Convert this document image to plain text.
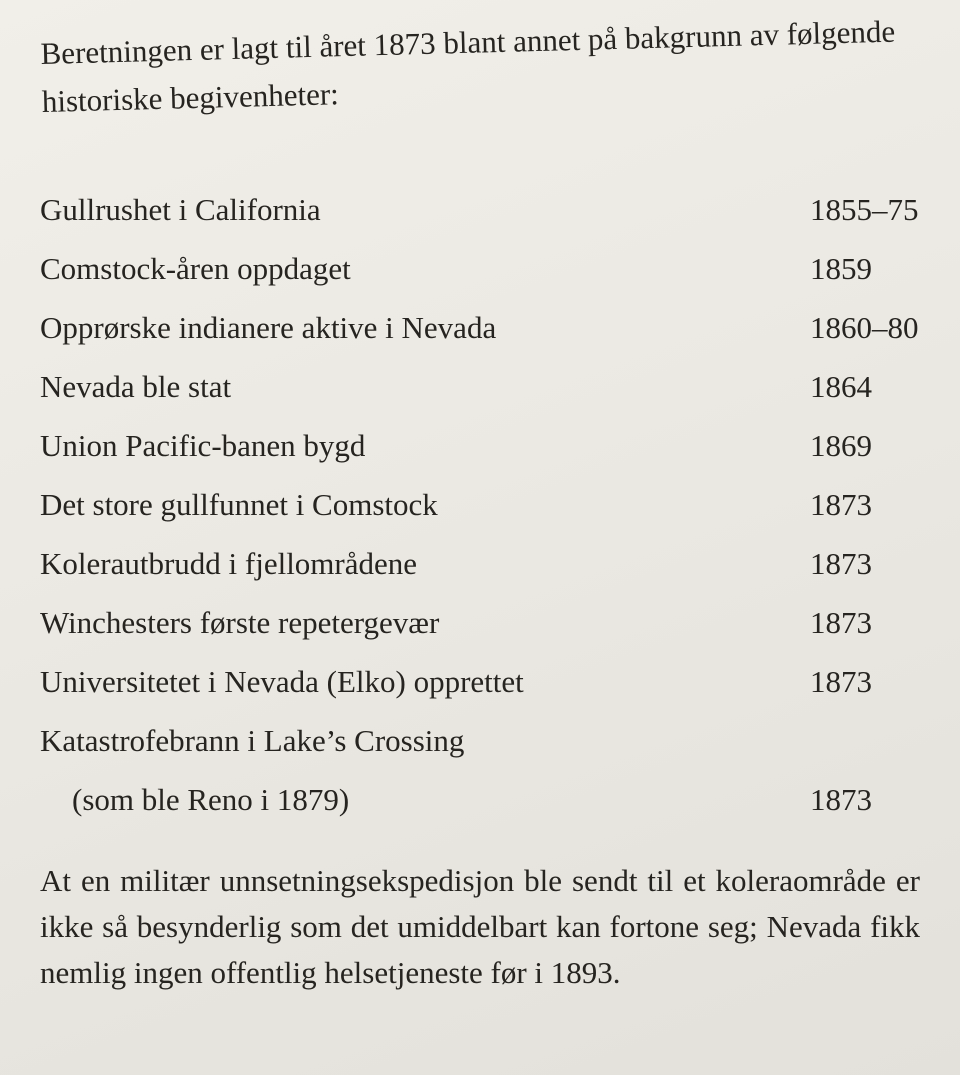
Beretningen er lagt til året 1873 blant annet på bakgrunn av følgende historiske begivenheter:

Gullrushet i California	1855–75
Comstock-åren oppdaget	1859
Opprørske indianere aktive i Nevada	1860–80
Nevada ble stat	1864
Union Pacific-banen bygd	1869
Det store gullfunnet i Comstock	1873
Kolerautbrudd i fjellområdene	1873
Winchesters første repetergevær	1873
Universitetet i Nevada (Elko) opprettet	1873
Katastrofebrann i Lake’s Crossing
(som ble Reno i 1879)	1873

At en militær unnsetningsekspedisjon ble sendt til et koleraområde er ikke så besynderlig som det umiddelbart kan fortone seg; Nevada fikk nemlig ingen offentlig helsetjeneste før i 1893.
